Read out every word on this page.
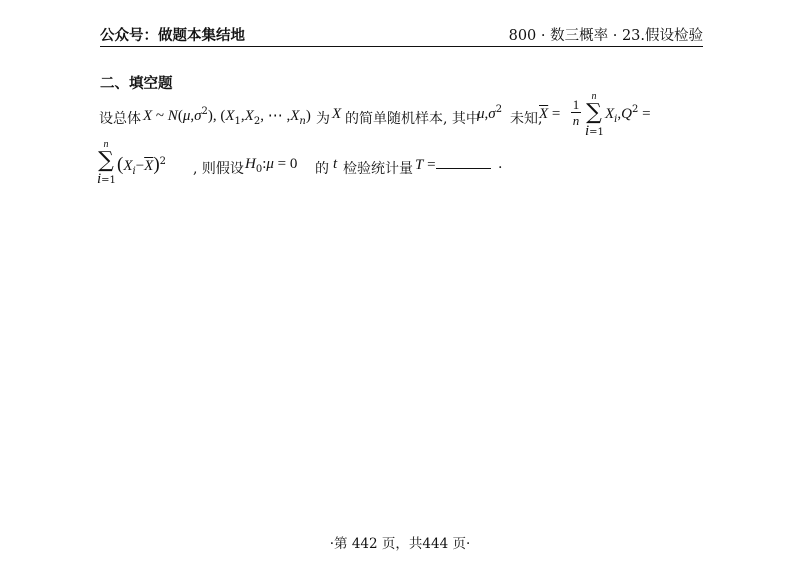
公众号：做题本集结地	800 · 数三概率 · 23.假设检验
二、填空题
设总体 X ~ $N(\mu,\sigma^2)$, ($X_1,X_2$, ⋯ $,X_n$) 为 X 的简单随机样本, 其中
$\mu,\sigma^2$
未知,
$\overline{X}$ =
1
n
n
∑
i=1
$X_i,Q^2$ =
n
∑
i=1
$(X_i-\overline{X})^2$ , 则假设 $H_0:\mu = 0$ 的 t 检验统计量 T =	.
·第 442 页，共444 页·
